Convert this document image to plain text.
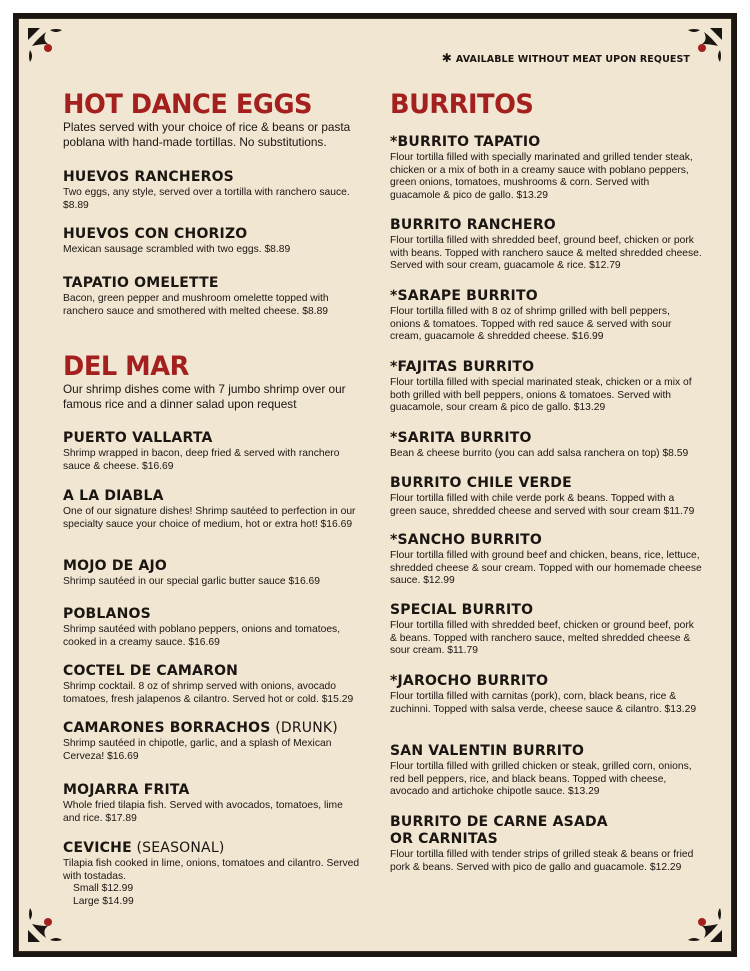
✱ AVAILABLE WITHOUT MEAT UPON REQUEST
HOT DANCE EGGS
Plates served with your choice of rice & beans or pasta poblana with hand-made tortillas. No substitutions.
HUEVOS RANCHEROS
Two eggs, any style, served over a tortilla with ranchero sauce. $8.89
HUEVOS CON CHORIZO
Mexican sausage scrambled with two eggs. $8.89
TAPATIO OMELETTE
Bacon, green pepper and mushroom omelette topped with ranchero sauce and smothered with melted cheese. $8.89
DEL MAR
Our shrimp dishes come with 7 jumbo shrimp over our famous rice and a dinner salad upon request
PUERTO VALLARTA
Shrimp wrapped in bacon, deep fried & served with ranchero sauce & cheese. $16.69
A LA DIABLA
One of our signature dishes! Shrimp sautéed to perfection in our specialty sauce your choice of medium, hot or extra hot! $16.69
MOJO DE AJO
Shrimp sautéed in our special garlic butter sauce $16.69
POBLANOS
Shrimp sautéed with poblano peppers, onions and tomatoes, cooked in a creamy sauce. $16.69
COCTEL DE CAMARON
Shrimp cocktail. 8 oz of shrimp served with onions, avocado tomatoes, fresh jalapenos & cilantro. Served hot or cold. $15.29
CAMARONES BORRACHOS (DRUNK)
Shrimp sautéed in chipotle, garlic, and a splash of Mexican Cerveza! $16.69
MOJARRA FRITA
Whole fried tilapia fish. Served with avocados, tomatoes, lime and rice. $17.89
CEVICHE (SEASONAL)
Tilapia fish cooked in lime, onions, tomatoes and cilantro. Served with tostadas.
Small $12.99
Large $14.99
BURRITOS
*BURRITO TAPATIO
Flour tortilla filled with specially marinated and grilled tender steak, chicken or a mix of both in a creamy sauce with poblano peppers, green onions, tomatoes, mushrooms & corn. Served with guacamole & pico de gallo. $13.29
BURRITO RANCHERO
Flour tortilla filled with shredded beef, ground beef, chicken or pork with beans. Topped with ranchero sauce & melted shredded cheese. Served with sour cream, guacamole & rice. $12.79
*SARAPE BURRITO
Flour tortilla filled with 8 oz of shrimp grilled with bell peppers, onions & tomatoes. Topped with red sauce & served with sour cream, guacamole & shredded cheese. $16.99
*FAJITAS BURRITO
Flour tortilla filled with special marinated steak, chicken or a mix of both grilled with bell peppers, onions & tomatoes. Served with guacamole, sour cream & pico de gallo. $13.29
*SARITA BURRITO
Bean & cheese burrito (you can add salsa ranchera on top) $8.59
BURRITO CHILE VERDE
Flour tortilla filled with chile verde pork & beans. Topped with a green sauce, shredded cheese and served with sour cream $11.79
*SANCHO BURRITO
Flour tortilla filled with ground beef and chicken, beans, rice, lettuce, shredded cheese & sour cream. Topped with our homemade cheese sauce. $12.99
SPECIAL BURRITO
Flour tortilla filled with shredded beef, chicken or ground beef, pork & beans. Topped with ranchero sauce, melted shredded cheese & sour cream. $11.79
*JAROCHO BURRITO
Flour tortilla filled with carnitas (pork), corn, black beans, rice & zuchinni. Topped with salsa verde, cheese sauce & cilantro. $13.29
SAN VALENTIN BURRITO
Flour tortilla filled with grilled chicken or steak, grilled corn, onions, red bell peppers, rice, and black beans. Topped with cheese, avocado and artichoke chipotle sauce. $13.29
BURRITO DE CARNE ASADA
OR CARNITAS
Flour tortilla filled with tender strips of grilled steak & beans or fried pork & beans. Served with pico de gallo and guacamole. $12.29
